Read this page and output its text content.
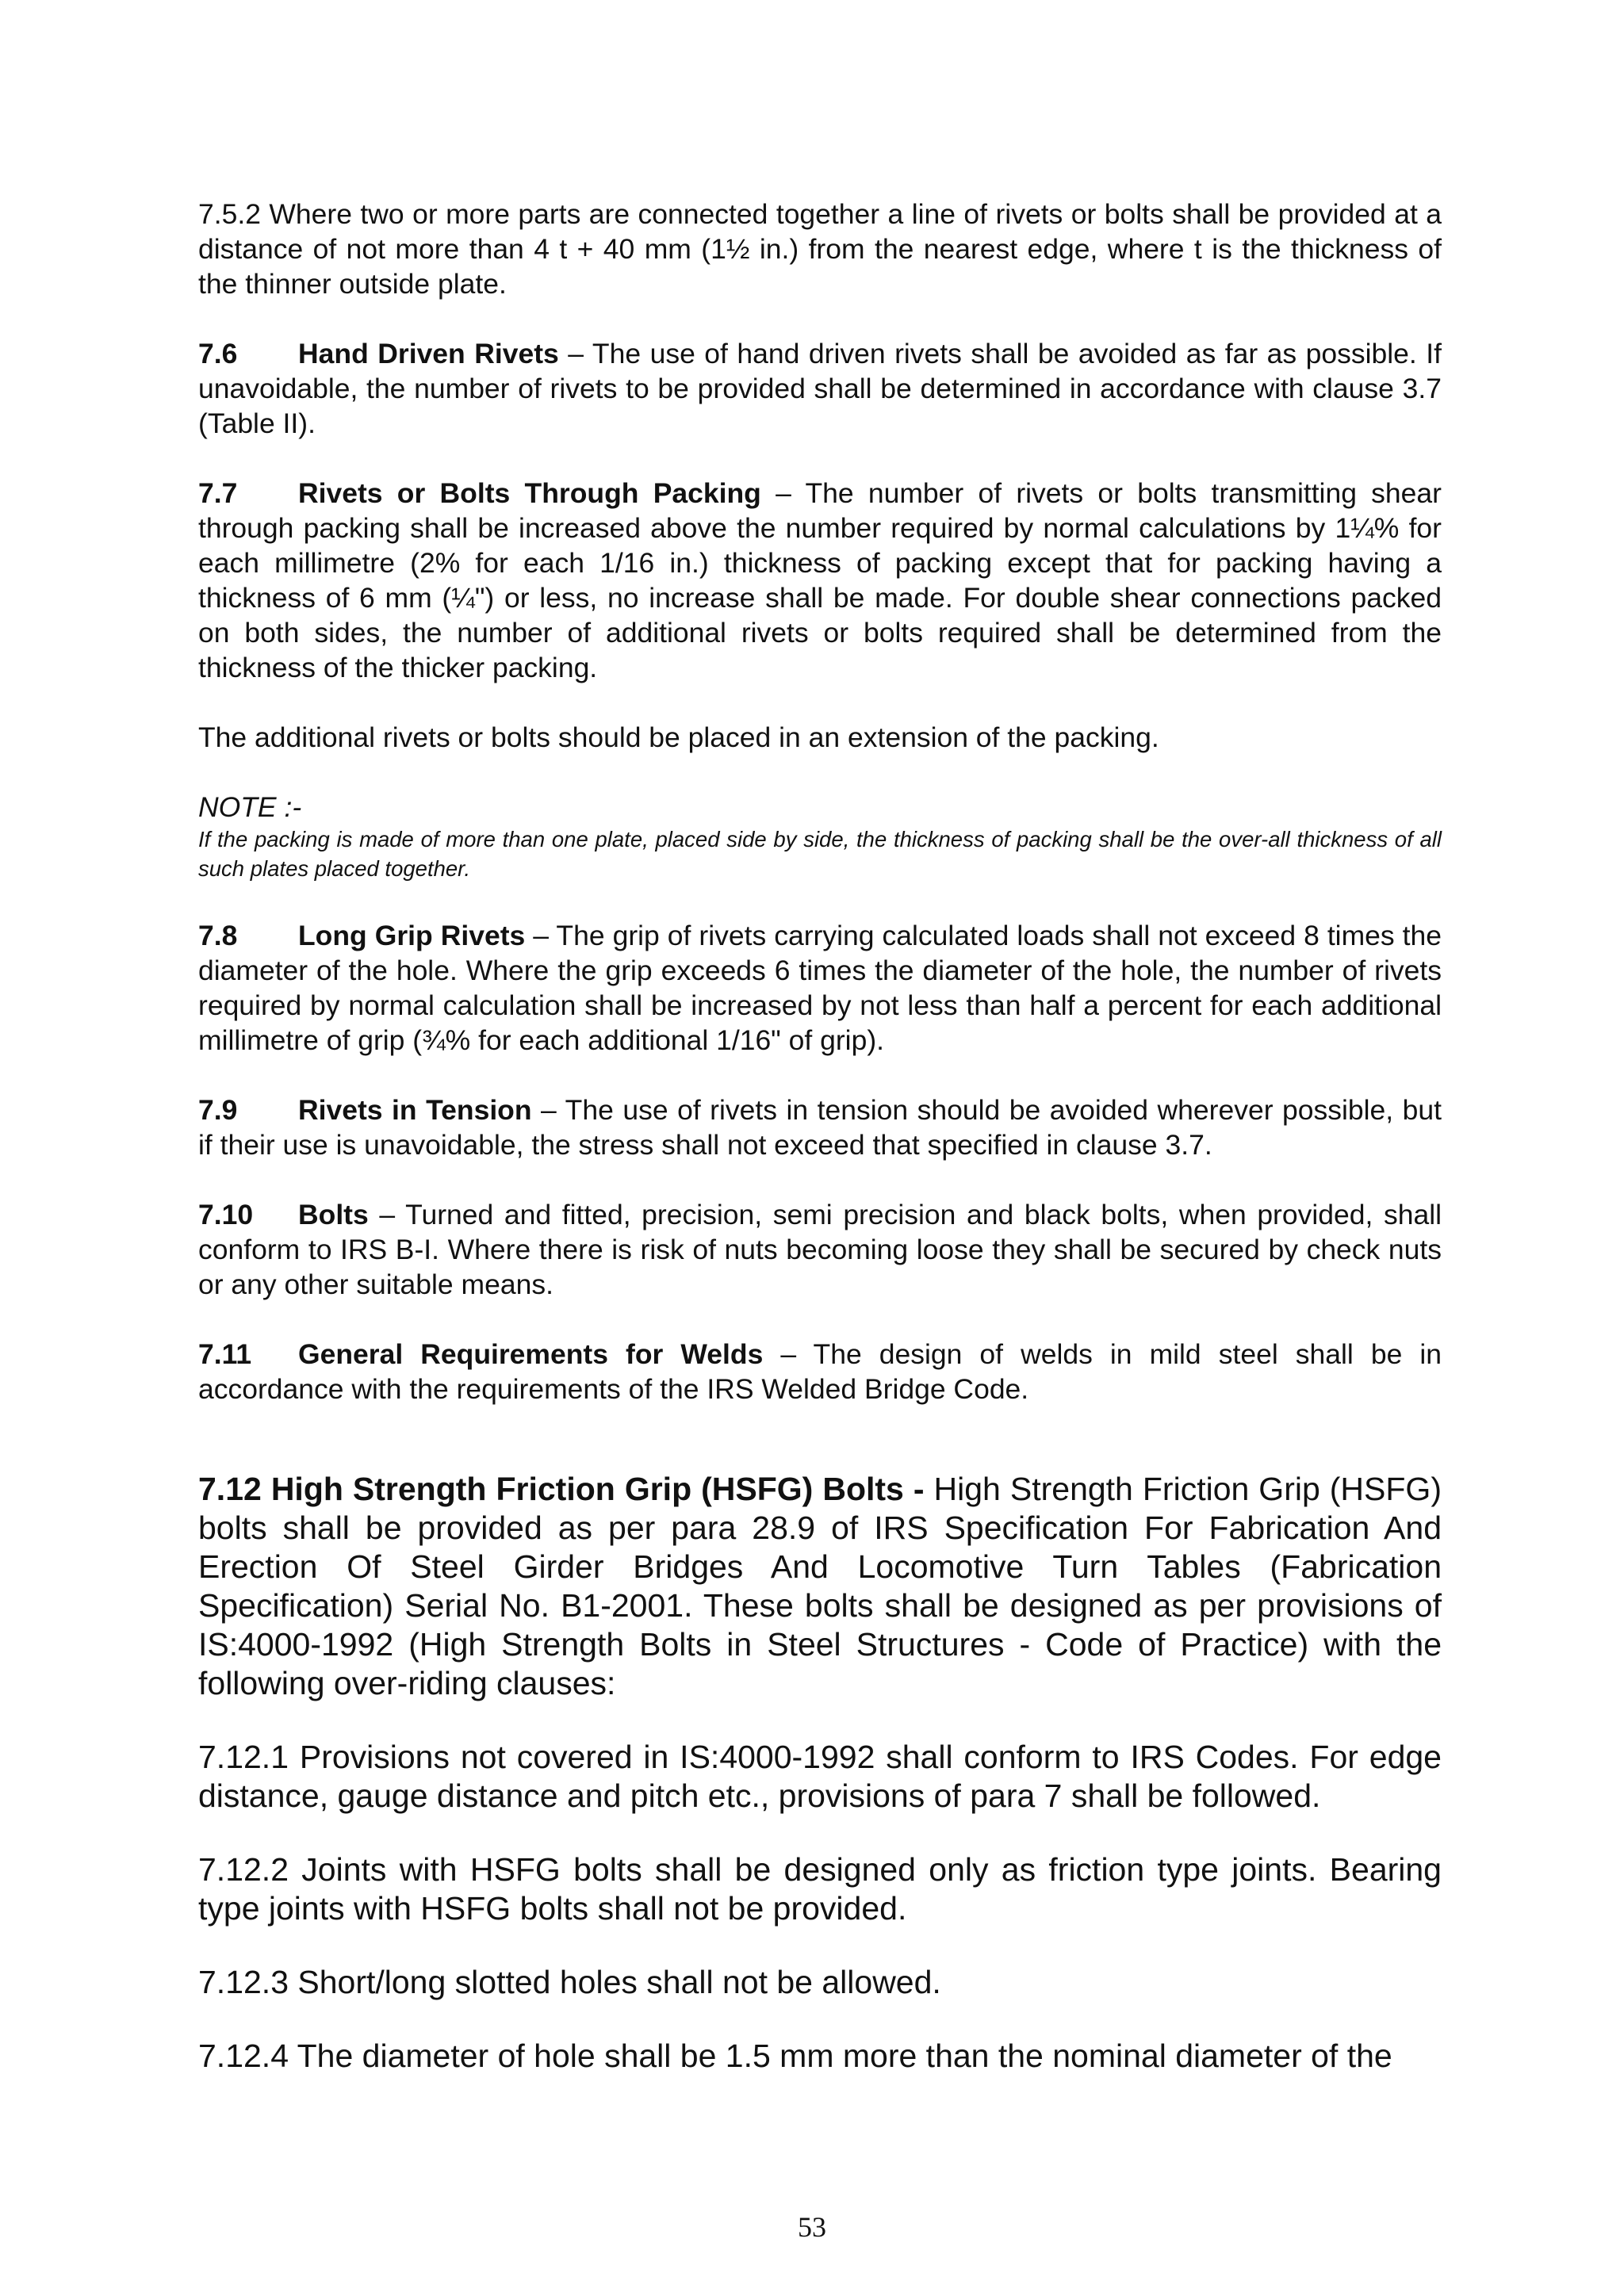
7.5.2 Where two or more parts are connected together a line of rivets or bolts shall be provided at a distance of not more than 4 t + 40 mm (1½ in.) from the nearest edge, where t is the thickness of the thinner outside plate.

7.6 Hand Driven Rivets – The use of hand driven rivets shall be avoided as far as possible. If unavoidable, the number of rivets to be provided shall be determined in accordance with clause 3.7 (Table II).

7.7 Rivets or Bolts Through Packing – The number of rivets or bolts transmitting shear through packing shall be increased above the number required by normal calculations by 1¼% for each millimetre (2% for each 1/16 in.) thickness of packing except that for packing having a thickness of 6 mm (¼") or less, no increase shall be made. For double shear connections packed on both sides, the number of additional rivets or bolts required shall be determined from the thickness of the thicker packing.

The additional rivets or bolts should be placed in an extension of the packing.

NOTE :-

If the packing is made of more than one plate, placed side by side, the thickness of packing shall be the over-all thickness of all such plates placed together.

7.8 Long Grip Rivets – The grip of rivets carrying calculated loads shall not exceed 8 times the diameter of the hole. Where the grip exceeds 6 times the diameter of the hole, the number of rivets required by normal calculation shall be increased by not less than half a percent for each additional millimetre of grip (¾% for each additional 1/16" of grip).

7.9 Rivets in Tension – The use of rivets in tension should be avoided wherever possible, but if their use is unavoidable, the stress shall not exceed that specified in clause 3.7.

7.10 Bolts – Turned and fitted, precision, semi precision and black bolts, when provided, shall conform to IRS B-I. Where there is risk of nuts becoming loose they shall be secured by check nuts or any other suitable means.

7.11 General Requirements for Welds – The design of welds in mild steel shall be in accordance with the requirements of the IRS Welded Bridge Code.

7.12 High Strength Friction Grip (HSFG) Bolts - High Strength Friction Grip (HSFG) bolts shall be provided as per para 28.9 of IRS Specification For Fabrication And Erection Of Steel Girder Bridges And Locomotive Turn Tables (Fabrication Specification) Serial No. B1-2001. These bolts shall be designed as per provisions of IS:4000-1992 (High Strength Bolts in Steel Structures - Code of Practice) with the following over-riding clauses:

7.12.1 Provisions not covered in IS:4000-1992 shall conform to IRS Codes. For edge distance, gauge distance and pitch etc., provisions of para 7 shall be followed.

7.12.2 Joints with HSFG bolts shall be designed only as friction type joints. Bearing type joints with HSFG bolts shall not be provided.

7.12.3 Short/long slotted holes shall not be allowed.

7.12.4 The diameter of hole shall be 1.5 mm more than the nominal diameter of the

53
